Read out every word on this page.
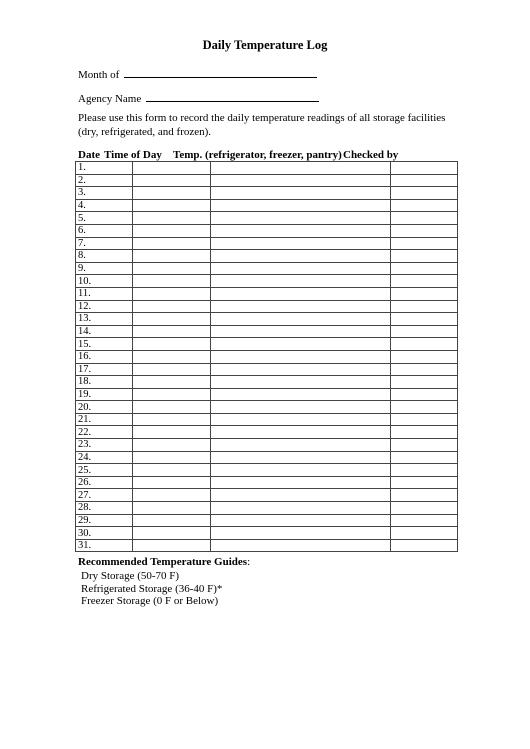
Daily Temperature Log
Month of
Agency Name
Please use this form to record the daily temperature readings of all storage facilities (dry, refrigerated, and frozen).
Date Time of Day Temp. (refrigerator, freezer, pantry) Checked by
1.			
2.			
3.			
4.			
5.			
6.			
7.			
8.			
9.			
10.			
11.			
12.			
13.			
14.			
15.			
16.			
17.			
18.			
19.			
20.			
21.			
22.			
23.			
24.			
25.			
26.			
27.			
28.			
29.			
30.			
31.			
Recommended Temperature Guides:
Dry Storage (50-70 F)
Refrigerated Storage (36-40 F)*
Freezer Storage (0 F or Below)
